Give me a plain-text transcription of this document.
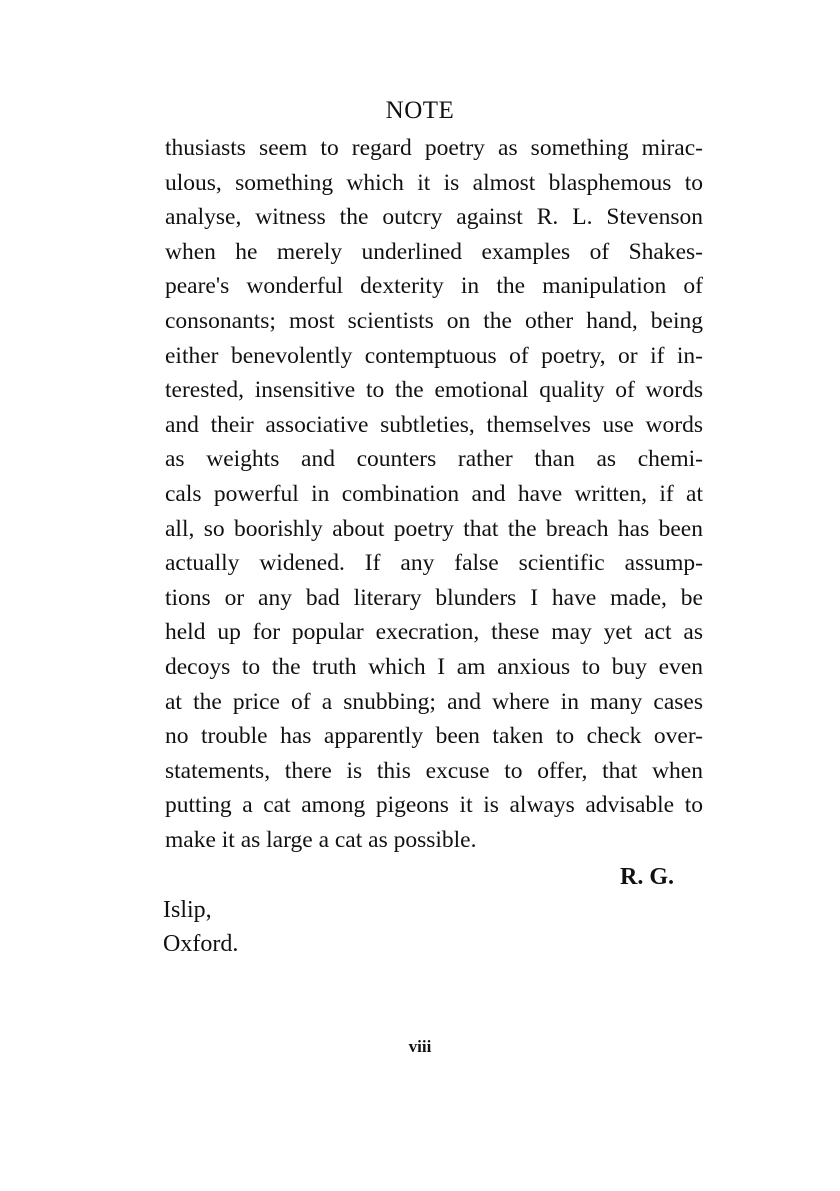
NOTE
thusiasts seem to regard poetry as something mirac-
ulous, something which it is almost blasphemous to
analyse, witness the outcry against R. L. Stevenson
when he merely underlined examples of Shakes-
peare's wonderful dexterity in the manipulation of
consonants; most scientists on the other hand, being
either benevolently contemptuous of poetry, or if in-
terested, insensitive to the emotional quality of words
and their associative subtleties, themselves use words
as weights and counters rather than as chemi-
cals powerful in combination and have written, if at
all, so boorishly about poetry that the breach has been
actually widened. If any false scientific assump-
tions or any bad literary blunders I have made, be
held up for popular execration, these may yet act as
decoys to the truth which I am anxious to buy even
at the price of a snubbing; and where in many cases
no trouble has apparently been taken to check over-
statements, there is this excuse to offer, that when
putting a cat among pigeons it is always advisable to
make it as large a cat as possible.
R. G.
Islip,
Oxford.
viii
